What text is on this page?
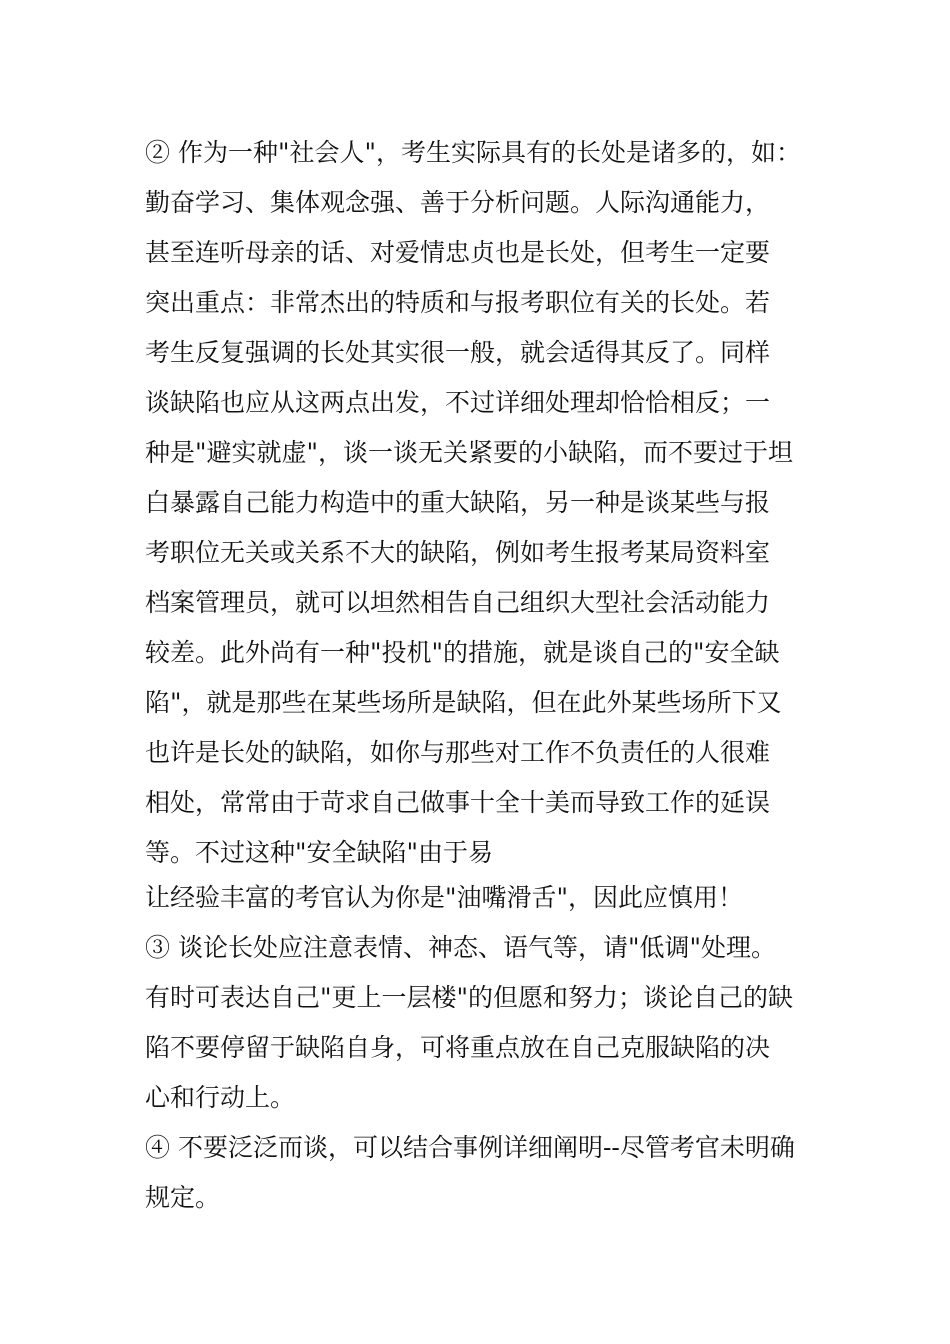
② 作为一种"社会人"，考生实际具有的长处是诸多的，如：
勤奋学习、集体观念强、善于分析问题。人际沟通能力，
甚至连听母亲的话、对爱情忠贞也是长处，但考生一定要
突出重点：非常杰出的特质和与报考职位有关的长处。若
考生反复强调的长处其实很一般，就会适得其反了。同样
谈缺陷也应从这两点出发，不过详细处理却恰恰相反；一
种是"避实就虚"，谈一谈无关紧要的小缺陷，而不要过于坦
白暴露自己能力构造中的重大缺陷，另一种是谈某些与报
考职位无关或关系不大的缺陷，例如考生报考某局资料室
档案管理员，就可以坦然相告自己组织大型社会活动能力
较差。此外尚有一种"投机"的措施，就是谈自己的"安全缺
陷"，就是那些在某些场所是缺陷，但在此外某些场所下又
也许是长处的缺陷，如你与那些对工作不负责任的人很难
相处，常常由于苛求自己做事十全十美而导致工作的延误
等。不过这种"安全缺陷"由于易
让经验丰富的考官认为你是"油嘴滑舌"，因此应慎用！
③ 谈论长处应注意表情、神态、语气等，请"低调"处理。
有时可表达自己"更上一层楼"的但愿和努力；谈论自己的缺
陷不要停留于缺陷自身，可将重点放在自己克服缺陷的决
心和行动上。
④ 不要泛泛而谈，可以结合事例详细阐明--尽管考官未明确
规定。
